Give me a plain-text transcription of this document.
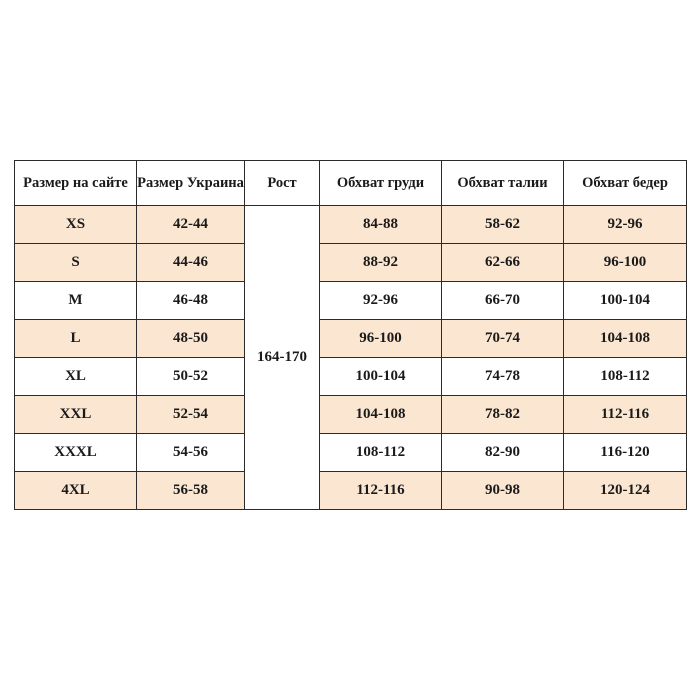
Размер на сайте	Размер Украина	Рост	Обхват груди	Обхват талии	Обхват бедер
XS	42-44	164-170	84-88	58-62	92-96
S	44-46		88-92	62-66	96-100
M	46-48		92-96	66-70	100-104
L	48-50		96-100	70-74	104-108
XL	50-52		100-104	74-78	108-112
XXL	52-54		104-108	78-82	112-116
XXXL	54-56		108-112	82-90	116-120
4XL	56-58		112-116	90-98	120-124
